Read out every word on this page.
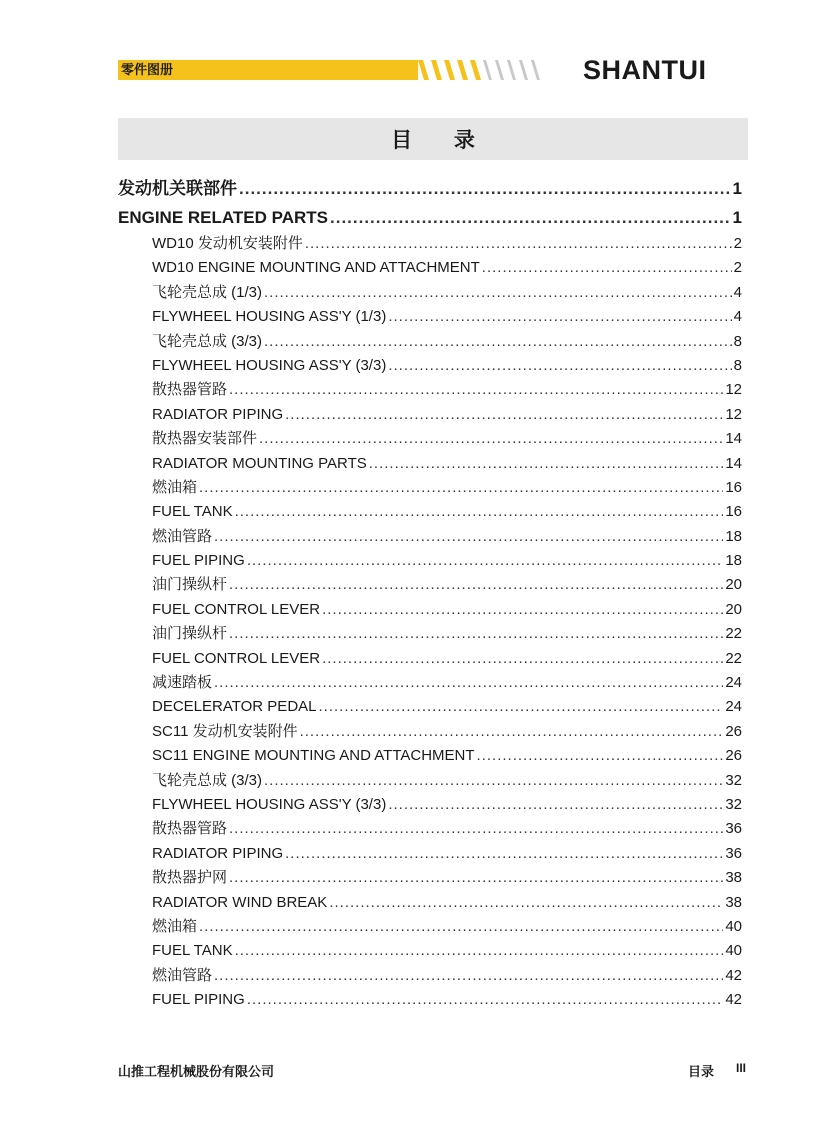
零件图册	SHANTUI
目 录
发动机关联部件 .....	1
ENGINE RELATED PARTS .....	1
WD10 发动机安装附件 .....	2
WD10 ENGINE MOUNTING AND ATTACHMENT .....	2
飞轮壳总成 (1/3) .....	4
FLYWHEEL HOUSING ASS'Y (1/3) .....	4
飞轮壳总成 (3/3) .....	8
FLYWHEEL HOUSING ASS'Y (3/3) .....	8
散热器管路 .....	12
RADIATOR PIPING .....	12
散热器安装部件 .....	14
RADIATOR MOUNTING PARTS .....	14
燃油箱 .....	16
FUEL TANK .....	16
燃油管路 .....	18
FUEL PIPING .....	18
油门操纵杆 .....	20
FUEL CONTROL LEVER .....	20
油门操纵杆 .....	22
FUEL CONTROL LEVER .....	22
减速踏板 .....	24
DECELERATOR PEDAL .....	24
SC11 发动机安装附件 .....	26
SC11 ENGINE MOUNTING AND ATTACHMENT .....	26
飞轮壳总成 (3/3) .....	32
FLYWHEEL HOUSING ASS'Y (3/3) .....	32
散热器管路 .....	36
RADIATOR PIPING .....	36
散热器护网 .....	38
RADIATOR WIND BREAK .....	38
燃油箱 .....	40
FUEL TANK .....	40
燃油管路 .....	42
FUEL PIPING .....	42
山推工程机械股份有限公司	目录 III
